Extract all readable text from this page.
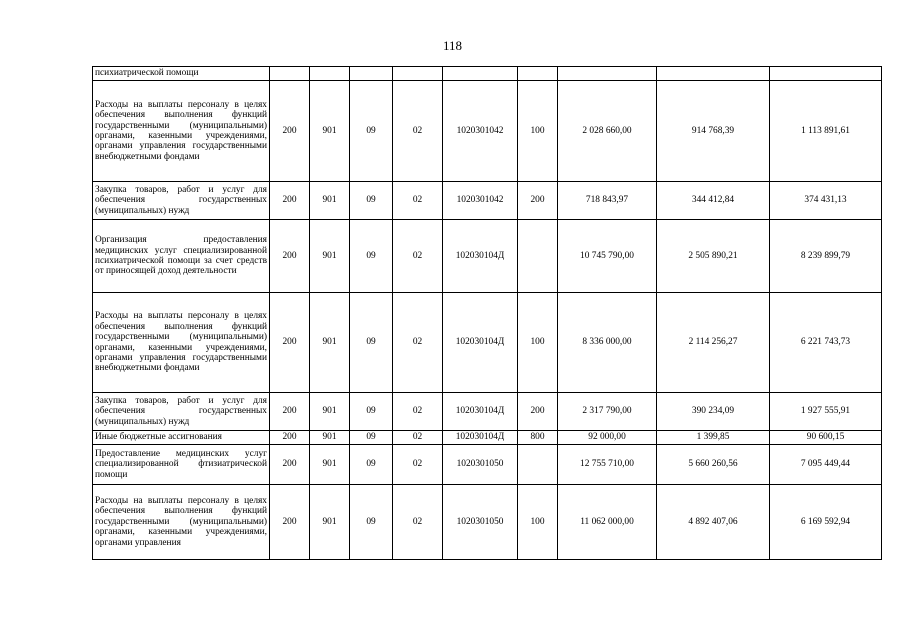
118
психиатрической помощи									
Расходы на выплаты персоналу в целях обеспечения выполнения функций государственными (муниципальными) органами, казенными учреждениями, органами управления государственными внебюджетными фондами	200	901	09	02	1020301042	100	2 028 660,00	914 768,39	1 113 891,61
Закупка товаров, работ и услуг для обеспечения государственных (муниципальных) нужд	200	901	09	02	1020301042	200	718 843,97	344 412,84	374 431,13
Организация предоставления медицинских услуг специализированной психиатрической помощи за счет средств от приносящей доход деятельности	200	901	09	02	102030104Д		10 745 790,00	2 505 890,21	8 239 899,79
Расходы на выплаты персоналу в целях обеспечения выполнения функций государственными (муниципальными) органами, казенными учреждениями, органами управления государственными внебюджетными фондами	200	901	09	02	102030104Д	100	8 336 000,00	2 114 256,27	6 221 743,73
Закупка товаров, работ и услуг для обеспечения государственных (муниципальных) нужд	200	901	09	02	102030104Д	200	2 317 790,00	390 234,09	1 927 555,91
Иные бюджетные ассигнования	200	901	09	02	102030104Д	800	92 000,00	1 399,85	90 600,15
Предоставление медицинских услуг специализированной фтизиатрической помощи	200	901	09	02	1020301050		12 755 710,00	5 660 260,56	7 095 449,44
Расходы на выплаты персоналу в целях обеспечения выполнения функций государственными (муниципальными) органами, казенными учреждениями, органами управления	200	901	09	02	1020301050	100	11 062 000,00	4 892 407,06	6 169 592,94
